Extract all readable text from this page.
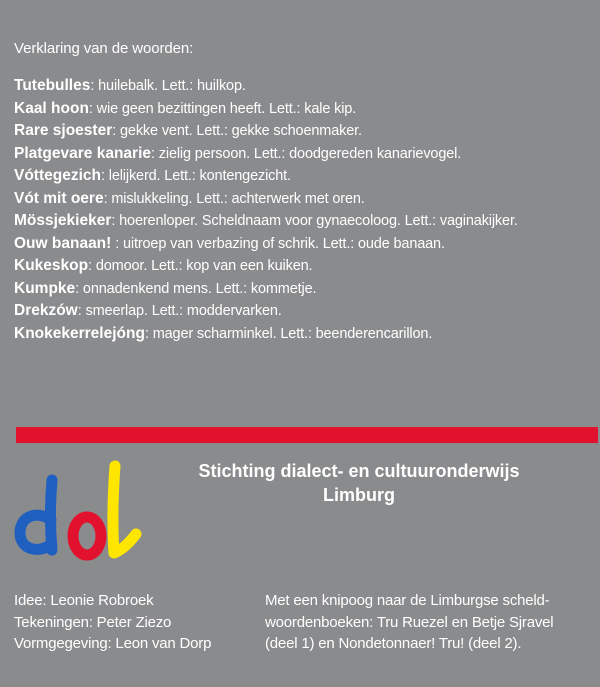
Verklaring van de woorden:
Tutebulles: huilebalk. Lett.: huilkop.
Kaal hoon: wie geen bezittingen heeft. Lett.: kale kip.
Rare sjoester: gekke vent. Lett.: gekke schoenmaker.
Platgevare kanarie: zielig persoon. Lett.: doodgereden kanarievogel.
Vóttegezich: lelijkerd. Lett.: kontengezicht.
Vót mit oere: mislukkeling. Lett.: achterwerk met oren.
Mössjekieker: hoerenloper. Scheldnaam voor gynaecoloog. Lett.: vaginakijker.
Ouw banaan! : uitroep van verbazing of schrik. Lett.: oude banaan.
Kukeskop: domoor. Lett.: kop van een kuiken.
Kumpke: onnadenkend mens. Lett.: kommetje.
Drekzów: smeerlap. Lett.: moddervarken.
Knokekerrelejóng: mager scharminkel. Lett.: beenderencarillon.
Stichting dialect- en cultuuronderwijs
Limburg
Idee: Leonie Robroek
Tekeningen: Peter Ziezo
Vormgegeving: Leon van Dorp
Met een knipoog naar de Limburgse scheld-
woordenboeken: Tru Ruezel en Betje Sjravel
(deel 1) en Nondetonnaer! Tru! (deel 2).
